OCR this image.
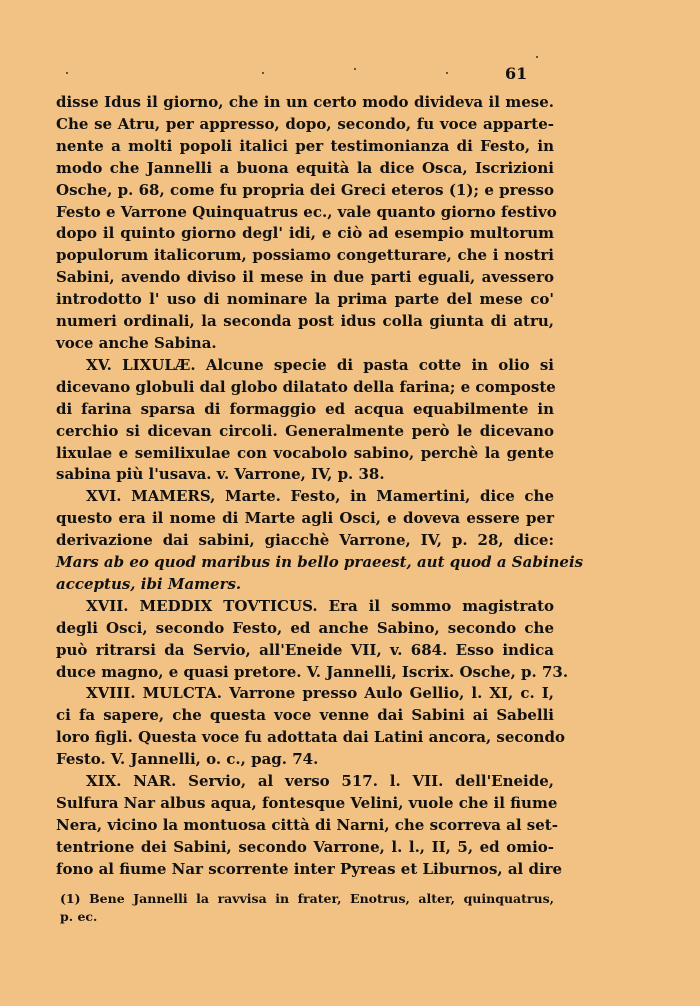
61
disse Idus il giorno, che in un certo modo divideva il mese.
Che se Atru, per appresso, dopo, secondo, fu voce apparte-
nente a molti popoli italici per testimonianza di Festo, in
modo che Jannelli a buona equità la dice Osca, Iscrizioni
Osche, p. 68, come fu propria dei Greci eteros (1); e presso
Festo e Varrone Quinquatrus ec., vale quanto giorno festivo
dopo il quinto giorno degl' idi, e ciò ad esempio multorum
populorum italicorum, possiamo congetturare, che i nostri
Sabini, avendo diviso il mese in due parti eguali, avessero
introdotto l' uso di nominare la prima parte del mese co'
numeri ordinali, la seconda post idus colla giunta di atru,
voce anche Sabina.
XV. LIXULÆ. Alcune specie di pasta cotte in olio si
dicevano globuli dal globo dilatato della farina; e composte
di farina sparsa di formaggio ed acqua equabilmente in
cerchio si dicevan circoli. Generalmente però le dicevano
lixulae e semilixulae con vocabolo sabino, perchè la gente
sabina più l'usava. v. Varrone, IV, p. 38.
XVI. MAMERS, Marte. Festo, in Mamertini, dice che
questo era il nome di Marte agli Osci, e doveva essere per
derivazione dai sabini, giacchè Varrone, IV, p. 28, dice:
Mars ab eo quod maribus in bello praeest, aut quod a Sabineis
acceptus, ibi Mamers.
XVII. MEDDIX TOVTICUS. Era il sommo magistrato
degli Osci, secondo Festo, ed anche Sabino, secondo che
può ritrarsi da Servio, all'Eneide VII, v. 684. Esso indica
duce magno, e quasi pretore. V. Jannelli, Iscrix. Osche, p. 73.
XVIII. MULCTA. Varrone presso Aulo Gellio, l. XI, c. I,
ci fa sapere, che questa voce venne dai Sabini ai Sabelli
loro figli. Questa voce fu adottata dai Latini ancora, secondo
Festo. V. Jannelli, o. c., pag. 74.
XIX. NAR. Servio, al verso 517. l. VII. dell'Eneide,
Sulfura Nar albus aqua, fontesque Velini, vuole che il fiume
Nera, vicino la montuosa città di Narni, che scorreva al set-
tentrione dei Sabini, secondo Varrone, l. l., II, 5, ed omio-
fono al fiume Nar scorrente inter Pyreas et Liburnos, al dire
(1) Bene Jannelli la ravvisa in frater, Enotrus, alter, quinquatrus,
p. ec.
